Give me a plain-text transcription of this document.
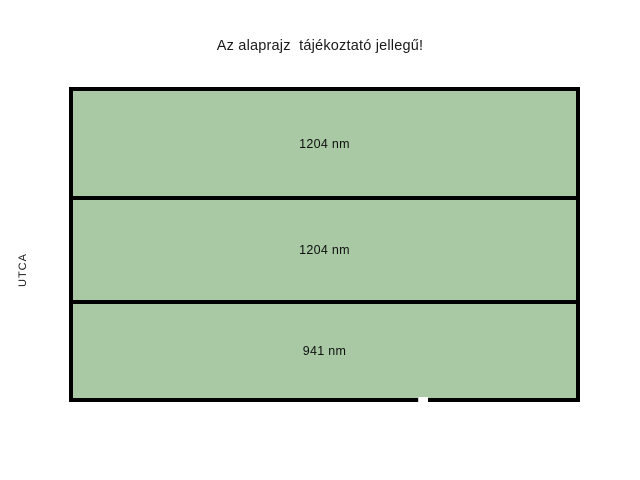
Az alaprajz  tájékoztató jellegű!
UTCA
1204 nm
1204 nm
941 nm
